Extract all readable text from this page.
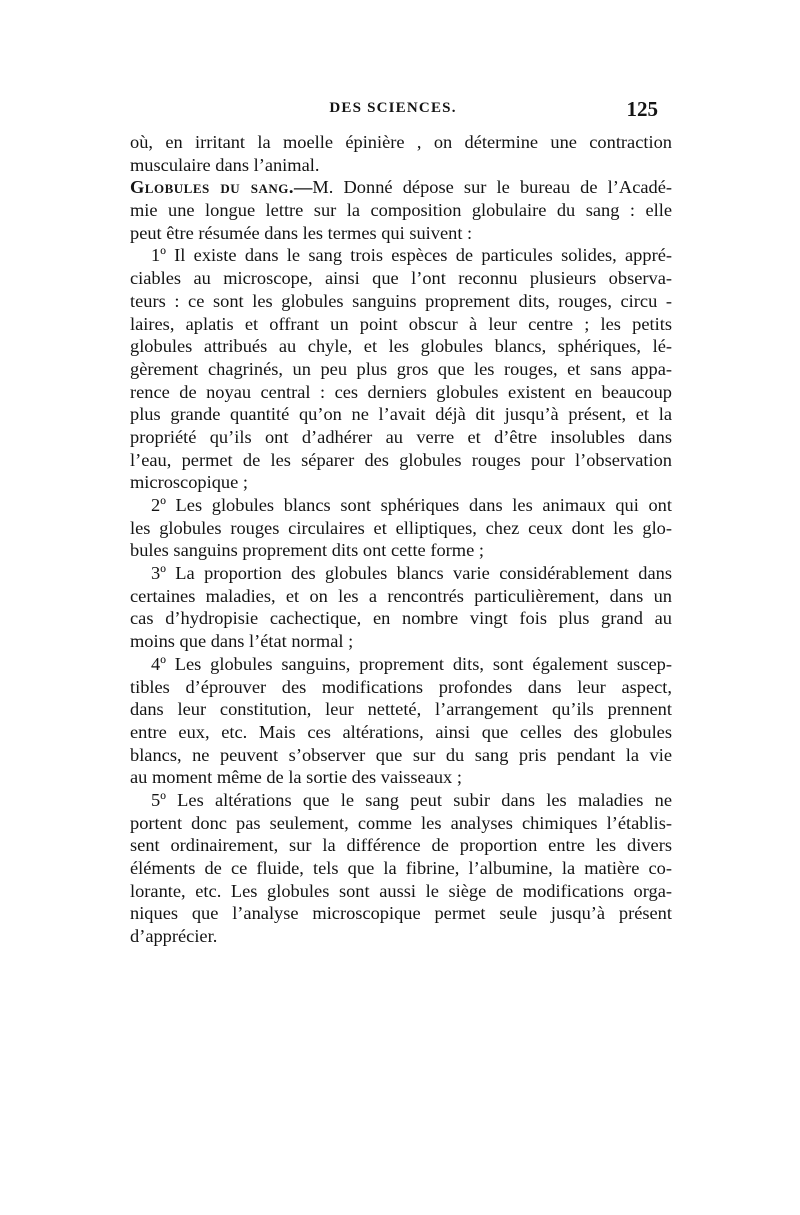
DES SCIENCES.	125
où, en irritant la moelle épinière , on détermine une contraction
musculaire dans l’animal.
Globules du sang.—M. Donné dépose sur le bureau de l’Acadé-
mie une longue lettre sur la composition globulaire du sang : elle
peut être résumée dans les termes qui suivent :
1º Il existe dans le sang trois espèces de particules solides, appré-
ciables au microscope, ainsi que l’ont reconnu plusieurs observa-
teurs : ce sont les globules sanguins proprement dits, rouges, circu -
laires, aplatis et offrant un point obscur à leur centre ; les petits
globules attribués au chyle, et les globules blancs, sphériques, lé-
gèrement chagrinés, un peu plus gros que les rouges, et sans appa-
rence de noyau central : ces derniers globules existent en beaucoup
plus grande quantité qu’on ne l’avait déjà dit jusqu’à présent, et la
propriété qu’ils ont d’adhérer au verre et d’être insolubles dans
l’eau, permet de les séparer des globules rouges pour l’observation
microscopique ;
2º Les globules blancs sont sphériques dans les animaux qui ont
les globules rouges circulaires et elliptiques, chez ceux dont les glo-
bules sanguins proprement dits ont cette forme ;
3º La proportion des globules blancs varie considérablement dans
certaines maladies, et on les a rencontrés particulièrement, dans un
cas d’hydropisie cachectique, en nombre vingt fois plus grand au
moins que dans l’état normal ;
4º Les globules sanguins, proprement dits, sont également suscep-
tibles d’éprouver des modifications profondes dans leur aspect,
dans leur constitution, leur netteté, l’arrangement qu’ils prennent
entre eux, etc. Mais ces altérations, ainsi que celles des globules
blancs, ne peuvent s’observer que sur du sang pris pendant la vie
au moment même de la sortie des vaisseaux ;
5º Les altérations que le sang peut subir dans les maladies ne
portent donc pas seulement, comme les analyses chimiques l’établis-
sent ordinairement, sur la différence de proportion entre les divers
éléments de ce fluide, tels que la fibrine, l’albumine, la matière co-
lorante, etc. Les globules sont aussi le siège de modifications orga-
niques que l’analyse microscopique permet seule jusqu’à présent
d’apprécier.
